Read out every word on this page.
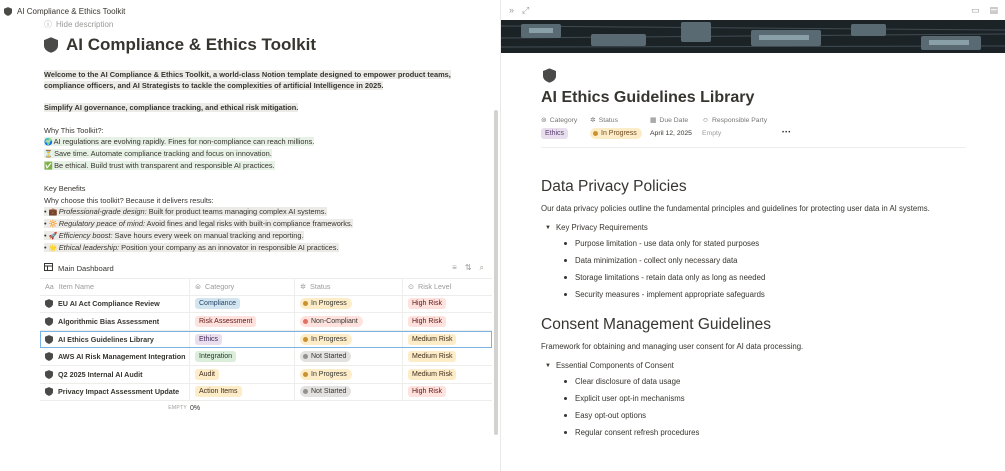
AI Compliance & Ethics Toolkit
ⓘ Hide description
AI Compliance & Ethics Toolkit

Welcome to the AI Compliance & Ethics Toolkit, a world-class Notion template designed to empower product teams, compliance officers, and AI Strategists to tackle the complexities of artificial Intelligence in 2025.

Simplify AI governance, compliance tracking, and ethical risk mitigation.

Why This Toolkit?:

🌍 AI regulations are evolving rapidly. Fines for non-compliance can reach millions.

⏳ Save time. Automate compliance tracking and focus on innovation.

✅ Be ethical. Build trust with transparent and responsible AI practices.

Key Benefits

Why choose this toolkit? Because it delivers results:

• 💼 Professional-grade design: Built for product teams managing complex AI systems.

• 🔆 Regulatory peace of mind: Avoid fines and legal risks with built-in compliance frameworks.

• 🚀 Efficiency boost: Save hours every week on manual tracking and reporting.

• 🌟 Ethical leadership: Position your company as an innovator in responsible AI practices.

Main Dashboard	≡ ⇅ ⌕
Aa Item Name	⊜ Category	✲ Status	⊙ Risk Level
EU AI Act Compliance Review	Compliance	In Progress	High Risk
Algorithmic Bias Assessment	Risk Assessment	Non-Compliant	High Risk
AI Ethics Guidelines Library	Ethics	In Progress	Medium Risk
AWS AI Risk Management Integration	Integration	Not Started	Medium Risk
Q2 2025 Internal AI Audit	Audit	In Progress	Medium Risk
Privacy Impact Assessment Update	Action Items	Not Started	High Risk
EMPTY 0%
» ⤢	▭ ▤
AI Ethics Guidelines Library
⊜ Category ✲ Status	▦ Due Date ☺ Responsible Party
Ethics	In Progress April 12, 2025 Empty	•••
Data Privacy Policies
Our data privacy policies outline the fundamental principles and guidelines for protecting user data in AI systems.
▼ Key Privacy Requirements
Purpose limitation - use data only for stated purposes
Data minimization - collect only necessary data
Storage limitations - retain data only as long as needed
Security measures - implement appropriate safeguards
Consent Management Guidelines
Framework for obtaining and managing user consent for AI data processing.
▼ Essential Components of Consent
Clear disclosure of data usage
Explicit user opt-in mechanisms
Easy opt-out options
Regular consent refresh procedures
